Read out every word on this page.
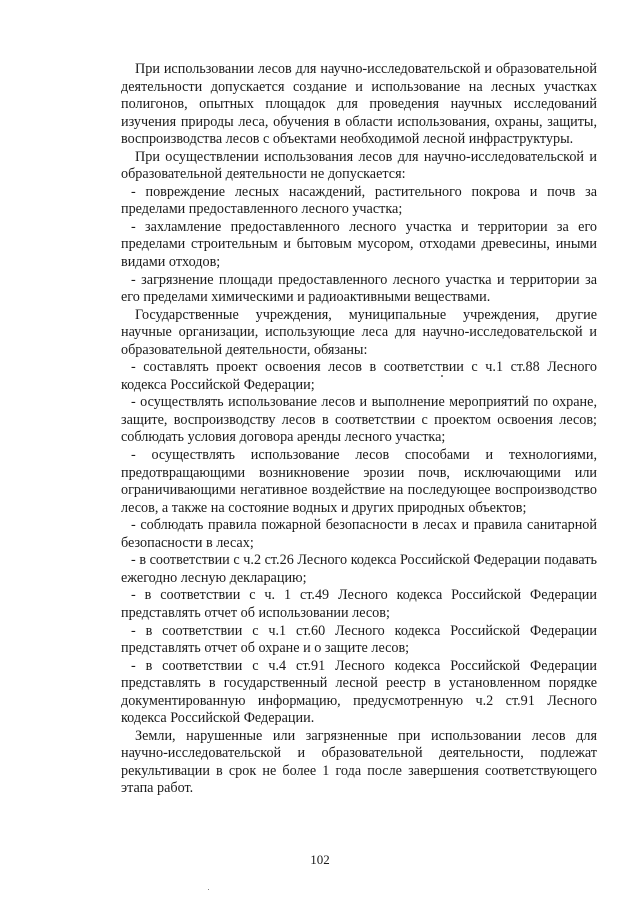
При использовании лесов для научно-исследовательской и образовательной деятельности допускается создание и использование на лесных участках полигонов, опытных площадок для проведения научных исследований изучения природы леса, обучения в области использования, охраны, защиты, воспроизводства лесов с объектами необходимой лесной инфраструктуры.

При осуществлении использования лесов для научно-исследовательской и образовательной деятельности не допускается:

- повреждение лесных насаждений, растительного покрова и почв за пределами предоставленного лесного участка;

- захламление предоставленного лесного участка и территории за его пределами строительным и бытовым мусором, отходами древесины, иными видами отходов;

- загрязнение площади предоставленного лесного участка и территории за его пределами химическими и радиоактивными веществами.

Государственные учреждения, муниципальные учреждения, другие научные организации, использующие леса для научно-исследовательской и образовательной деятельности, обязаны:

- составлять проект освоения лесов в соответствии с ч.1 ст.88 Лесного кодекса Российской Федерации;

- осуществлять использование лесов и выполнение мероприятий по охране, защите, воспроизводству лесов в соответствии с проектом освоения лесов; соблюдать условия договора аренды лесного участка;

- осуществлять использование лесов способами и технологиями, предотвращающими возникновение эрозии почв, исключающими или ограничивающими негативное воздействие на последующее воспроизводство лесов, а также на состояние водных и других природных объектов;

- соблюдать правила пожарной безопасности в лесах и правила санитарной безопасности в лесах;

- в соответствии с ч.2 ст.26 Лесного кодекса Российской Федерации подавать ежегодно лесную декларацию;

- в соответствии с ч. 1 ст.49 Лесного кодекса Российской Федерации представлять отчет об использовании лесов;

- в соответствии с ч.1 ст.60 Лесного кодекса Российской Федерации представлять отчет об охране и о защите лесов;

- в соответствии с ч.4 ст.91 Лесного кодекса Российской Федерации представлять в государственный лесной реестр в установленном порядке документированную информацию, предусмотренную ч.2 ст.91 Лесного кодекса Российской Федерации.

Земли, нарушенные или загрязненные при использовании лесов для научно-исследовательской и образовательной деятельности, подлежат рекультивации в срок не более 1 года после завершения соответствующего этапа работ.

102
